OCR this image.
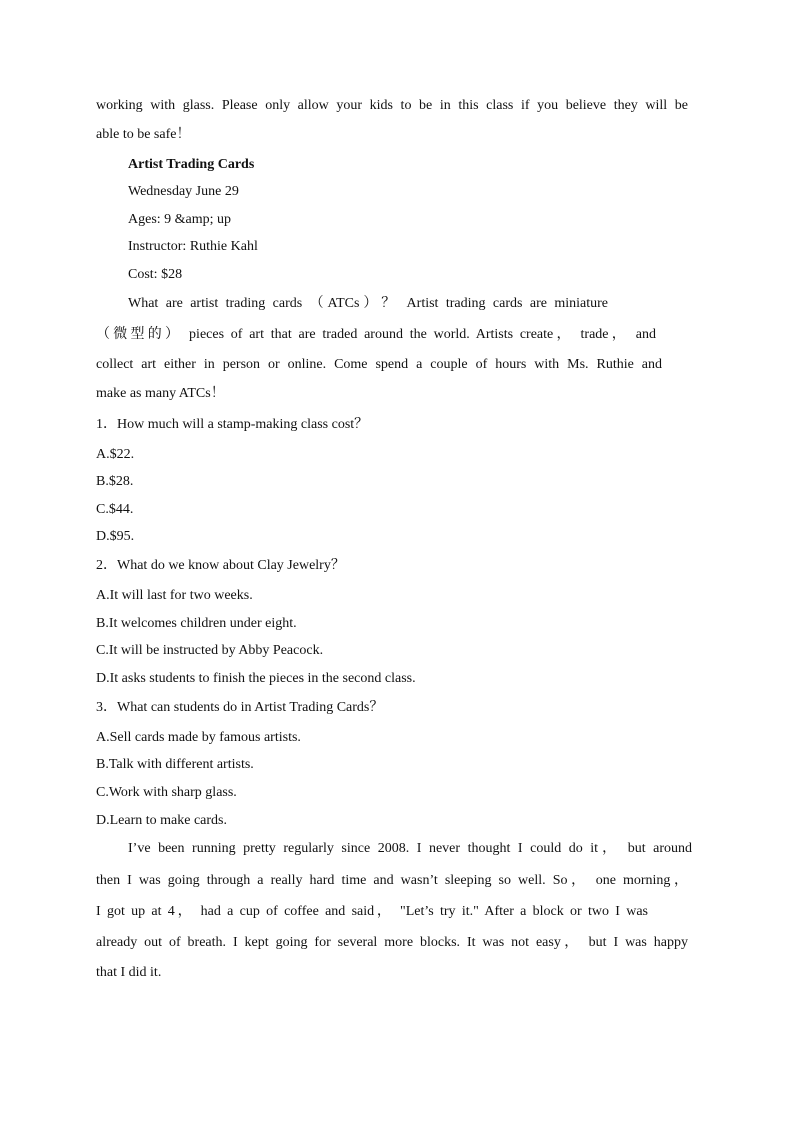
working with glass. Please only allow your kids to be in this class if you believe they will be

able to be safe！

Artist Trading Cards

Wednesday June 29

Ages: 9 &amp; up

Instructor: Ruthie Kahl

Cost: $28

What are artist trading cards （ATCs）？ Artist trading cards are miniature

（微型的） pieces of art that are traded around the world. Artists create， trade， and

collect art either in person or online. Come spend a couple of hours with Ms. Ruthie and

make as many ATCs！

1．How much will a stamp-making class cost？

A.$22.

B.$28.

C.$44.

D.$95.

2．What do we know about Clay Jewelry？

A.It will last for two weeks.

B.It welcomes children under eight.

C.It will be instructed by Abby Peacock.

D.It asks students to finish the pieces in the second class.

3．What can students do in Artist Trading Cards？

A.Sell cards made by famous artists.

B.Talk with different artists.

C.Work with sharp glass.

D.Learn to make cards.

I’ve been running pretty regularly since 2008. I never thought I could do it， but around

then I was going through a really hard time and wasn’t sleeping so well. So， one morning，

I got up at 4， had a cup of coffee and said， "Let’s try it." After a block or two I was

already out of breath. I kept going for several more blocks. It was not easy， but I was happy

that I did it.
